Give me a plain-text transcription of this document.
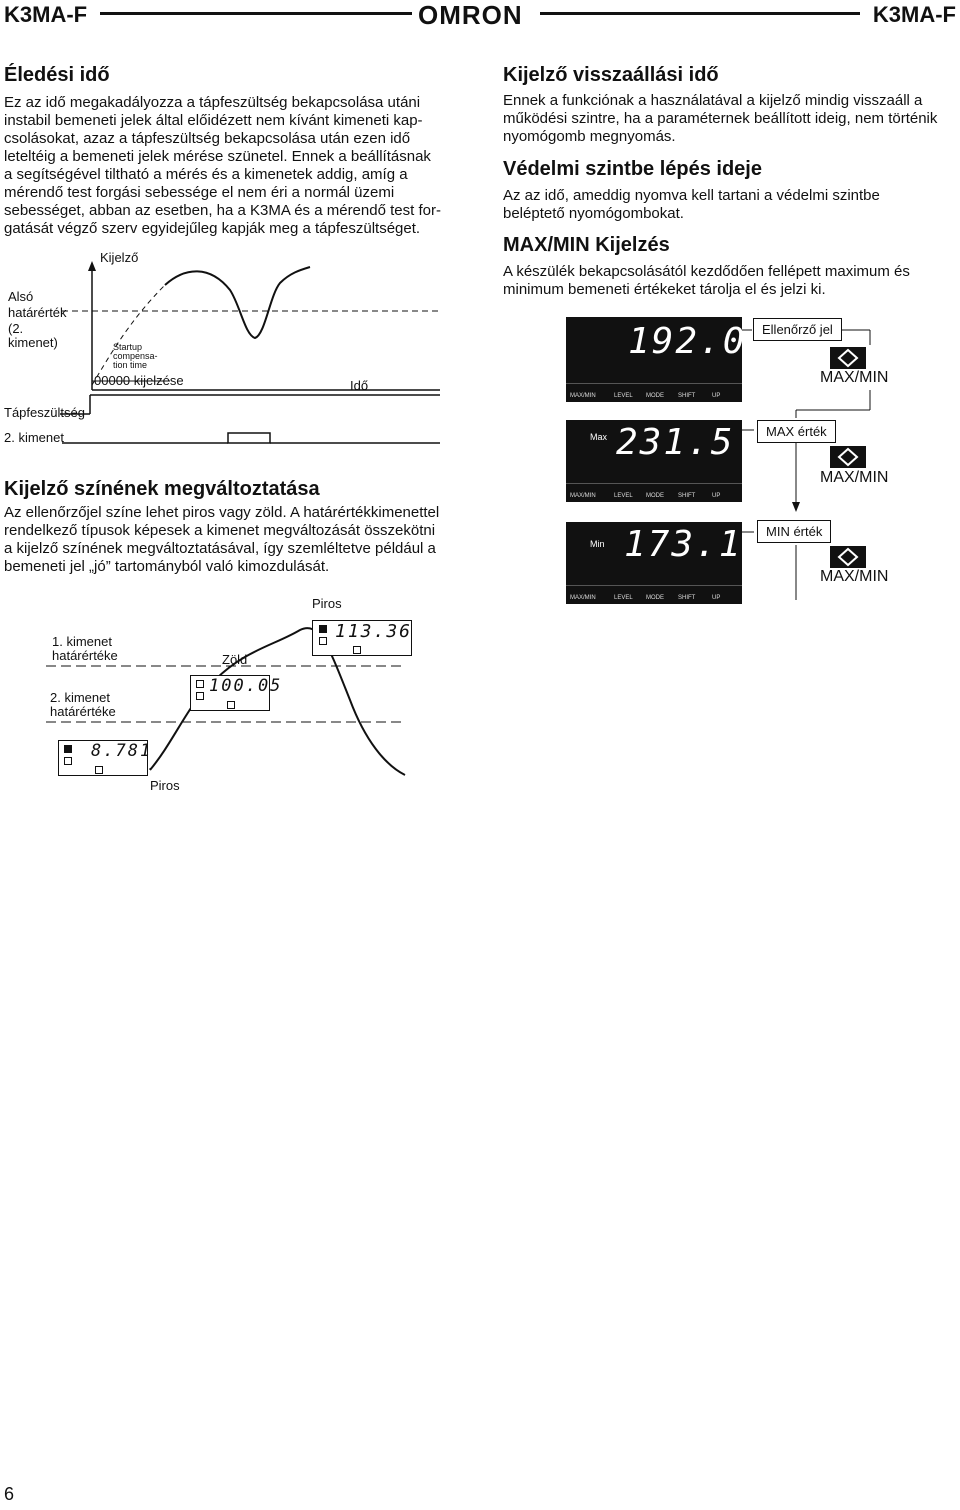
K3MA-F	OMRON	K3MA-F
Éledési idő
Ez az idő megakadályozza a tápfeszültség bekapcsolása utáni
instabil bemeneti jelek által előidézett nem kívánt kimeneti kap-
csolásokat, azaz a tápfeszültség bekapcsolása után ezen idő
leteltéig a bemeneti jelek mérése szünetel. Ennek a beállításnak
a segítségével tiltható a mérés és a kimenetek addig, amíg a
mérendő test forgási sebessége el nem éri a normál üzemi
sebességet, abban az esetben, ha a K3MA és a mérendő test for-
gatását végző szerv egyidejűleg kapják meg a tápfeszültséget.
Kijelző
Alsó
határérték
(2.
kimenet)	Startup
compensa-
tion time
00000 kijelzése	Idő
Tápfeszültség
2. kimenet
Kijelző színének megváltoztatása
Az ellenőrzőjel színe lehet piros vagy zöld. A határértékkimenettel
rendelkező típusok képesek a kimenet megváltozását összekötni
a kijelző színének megváltoztatásával, így szemléltetve például a
bemeneti jel „jó” tartományból való kimozdulását.
Piros
1. kimenet
határértéke	Zöld
2. kimenet
határértéke
Piros
113.36
100.05
8.781
Kijelző visszaállási idő
Ennek a funkciónak a használatával a kijelző mindig visszaáll a
működési szintre, ha a paraméternek beállított ideig, nem történik
nyomógomb megnyomás.
Védelmi szintbe lépés ideje
Az az idő, ameddig nyomva kell tartani a védelmi szintbe
beléptető nyomógombokat.
MAX/MIN Kijelzés
A készülék bekapcsolásától kezdődően fellépett maximum és
minimum bemeneti értékeket tárolja el és jelzi ki.
192.0
MAX/MIN	LEVEL MODE SHIFT	UP
Max 231.5
MAX/MIN	LEVEL MODE SHIFT	UP
Min 173.1
MAX/MIN	LEVEL MODE SHIFT	UP
Ellenőrző jel
MAX/MIN
MAX érték
MAX/MIN
MIN érték
MAX/MIN
6
